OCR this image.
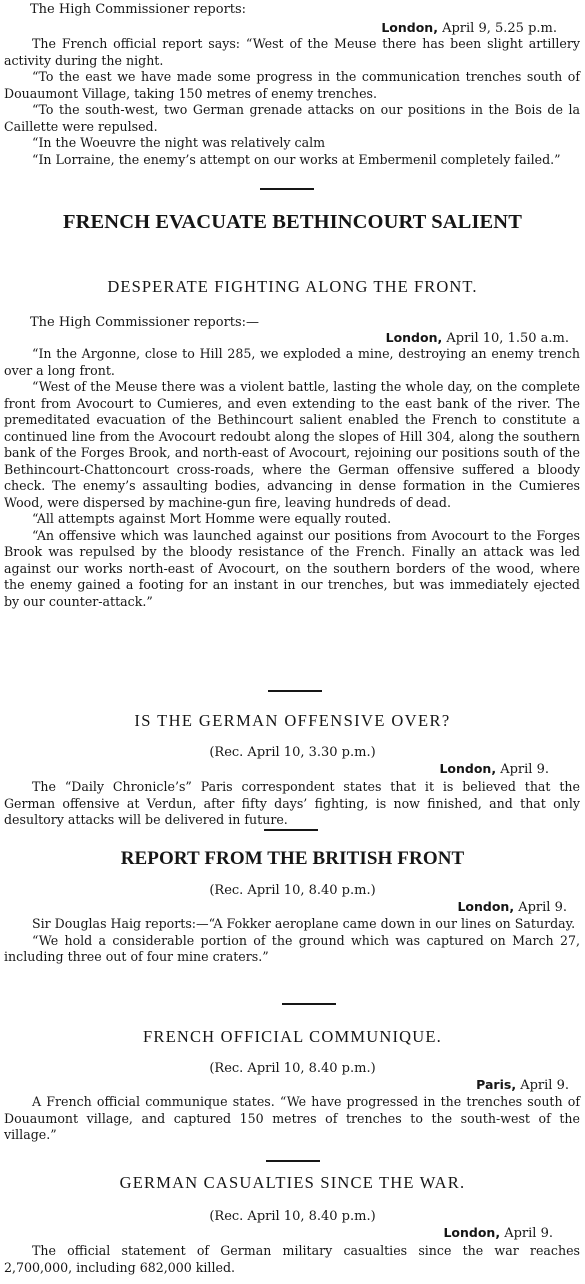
The High Commissioner reports:
London, April 9, 5.25 p.m.

The French official report says: “West of the Meuse there has been slight artillery activity during the night.

“To the east we have made some progress in the communication trenches south of Douaumont Village, taking 150 metres of enemy trenches.

“To the south-west, two German grenade attacks on our positions in the Bois de la Caillette were repulsed.

“In the Woeuvre the night was relatively calm

“In Lorraine, the enemy’s attempt on our works at Embermenil completely failed.”

FRENCH EVACUATE BETHINCOURT SALIENT
DESPERATE FIGHTING ALONG THE FRONT.
The High Commissioner reports:—
London, April 10, 1.50 a.m.

“In the Argonne, close to Hill 285, we exploded a mine, destroying an enemy trench over a long front.

“West of the Meuse there was a violent battle, lasting the whole day, on the complete front from Avocourt to Cumieres, and even extending to the east bank of the river. The premeditated evacuation of the Bethincourt salient enabled the French to constitute a continued line from the Avocourt redoubt along the slopes of Hill 304, along the southern bank of the Forges Brook, and north-east of Avocourt, rejoining our positions south of the Bethincourt-Chattoncourt cross-roads, where the German offensive suffered a bloody check. The enemy’s assaulting bodies, advancing in dense formation in the Cumieres Wood, were dispersed by machine-gun fire, leaving hundreds of dead.

“All attempts against Mort Homme were equally routed.

“An offensive which was launched against our positions from Avocourt to the Forges Brook was repulsed by the bloody resistance of the French. Finally an attack was led against our works north-east of Avocourt, on the southern borders of the wood, where the enemy gained a footing for an instant in our trenches, but was immediately ejected by our counter-attack.”

IS THE GERMAN OFFENSIVE OVER?
(Rec. April 10, 3.30 p.m.)
London, April 9.

The “Daily Chronicle’s” Paris correspondent states that it is believed that the German offensive at Verdun, after fifty days’ fighting, is now finished, and that only desultory attacks will be delivered in future.

REPORT FROM THE BRITISH FRONT
(Rec. April 10, 8.40 p.m.)
London, April 9.

Sir Douglas Haig reports:—“A Fokker aeroplane came down in our lines on Saturday.

“We hold a considerable portion of the ground which was captured on March 27, including three out of four mine craters.”

FRENCH OFFICIAL COMMUNIQUE.
(Rec. April 10, 8.40 p.m.)
Paris, April 9.

A French official communique states. “We have progressed in the trenches south of Douaumont village, and captured 150 metres of trenches to the south-west of the village.”

GERMAN CASUALTIES SINCE THE WAR.
(Rec. April 10, 8.40 p.m.)
London, April 9.

The official statement of German military casualties since the war reaches 2,700,000, including 682,000 killed.
